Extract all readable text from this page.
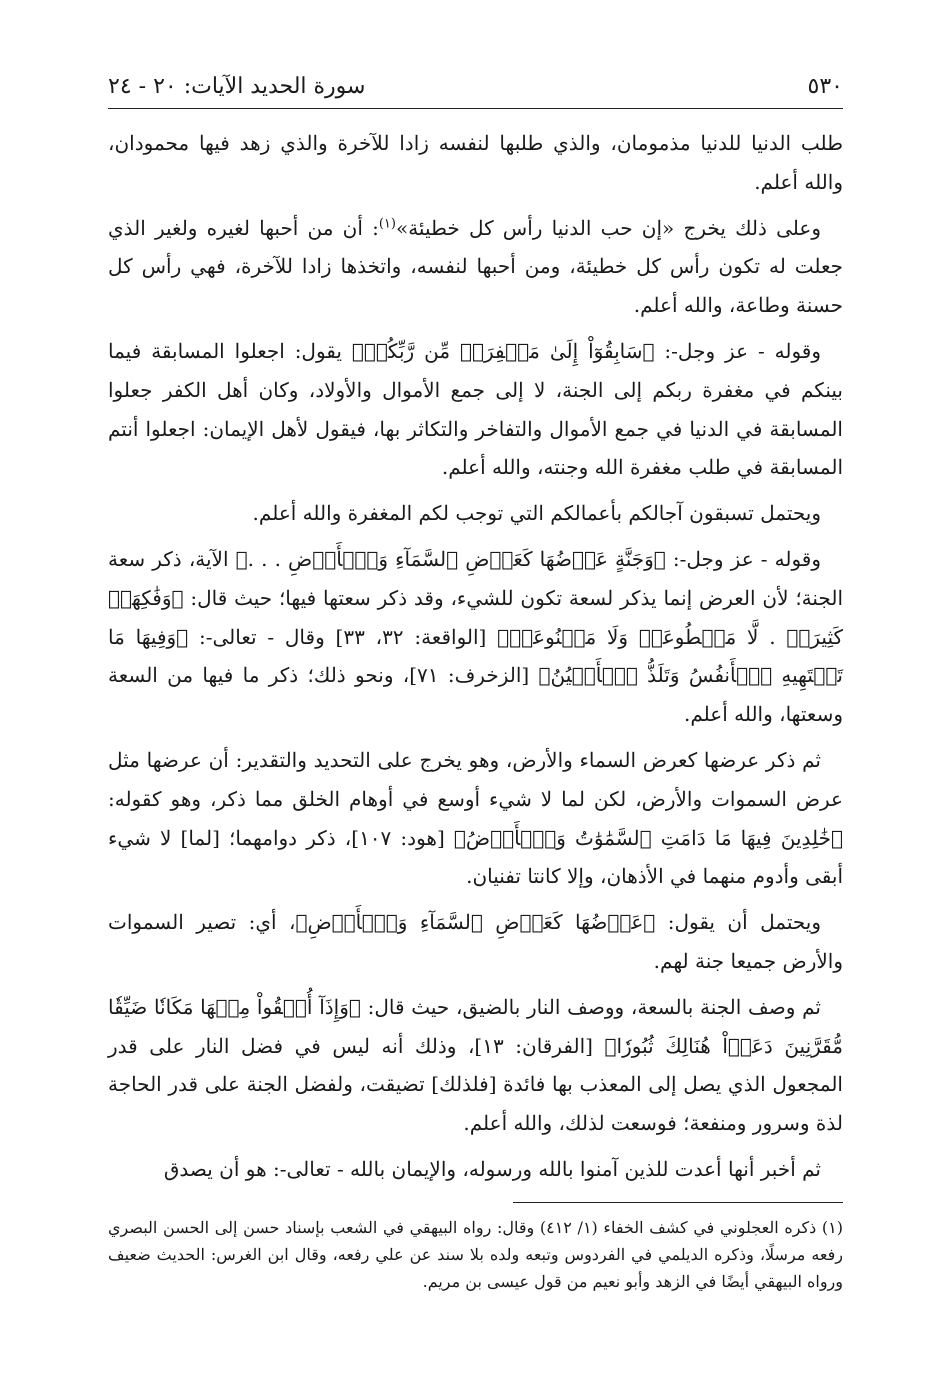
٥٣٠
سورة الحديد الآيات: ٢٠ - ٢٤

طلب الدنيا للدنيا مذمومان، والذي طلبها لنفسه زادا للآخرة والذي زهد فيها محمودان، والله أعلم.

وعلى ذلك يخرج «إن حب الدنيا رأس كل خطيئة»$^{(١)}$: أن من أحبها لغيره ولغير الذي جعلت له تكون رأس كل خطيئة، ومن أحبها لنفسه، واتخذها زادا للآخرة، فهي رأس كل حسنة وطاعة، والله أعلم.

وقوله - عز وجل-: ﴿سَابِقُوٓاْ إِلَىٰ مَغۡفِرَةٖ مِّن رَّبِّكُمۡ﴾ يقول: اجعلوا المسابقة فيما بينكم في مغفرة ربكم إلى الجنة، لا إلى جمع الأموال والأولاد، وكان أهل الكفر جعلوا المسابقة في الدنيا في جمع الأموال والتفاخر والتكاثر بها، فيقول لأهل الإيمان: اجعلوا أنتم المسابقة في طلب مغفرة الله وجنته، والله أعلم.

ويحتمل تسبقون آجالكم بأعمالكم التي توجب لكم المغفرة والله أعلم.

وقوله - عز وجل-: ﴿وَجَنَّةٍ عَرۡضُهَا كَعَرۡضِ ٱلسَّمَآءِ وَٱلۡأَرۡضِ . . .﴾ الآية، ذكر سعة الجنة؛ لأن العرض إنما يذكر لسعة تكون للشيء، وقد ذكر سعتها فيها؛ حيث قال: ﴿وَفَٰكِهَةٖ كَثِيرَةٖ . لَّا مَقۡطُوعَةٖ وَلَا مَمۡنُوعَةٖ﴾ [الواقعة: ٣٢، ٣٣] وقال - تعالى-: ﴿وَفِيهَا مَا تَشۡتَهِيهِ ٱلۡأَنفُسُ وَتَلَذُّ ٱلۡأَعۡيُنُ﴾ [الزخرف: ٧١]، ونحو ذلك؛ ذكر ما فيها من السعة وسعتها، والله أعلم.

ثم ذكر عرضها كعرض السماء والأرض، وهو يخرج على التحديد والتقدير: أن عرضها مثل عرض السموات والأرض، لكن لما لا شيء أوسع في أوهام الخلق مما ذكر، وهو كقوله: ﴿خَٰلِدِينَ فِيهَا مَا دَامَتِ ٱلسَّمَٰوَٰتُ وَٱلۡأَرۡضُ﴾ [هود: ١٠٧]، ذكر دوامهما؛ [لما] لا شيء أبقى وأدوم منهما في الأذهان، وإلا كانتا تفنيان.

ويحتمل أن يقول: ﴿عَرۡضُهَا كَعَرۡضِ ٱلسَّمَآءِ وَٱلۡأَرۡضِ﴾، أي: تصير السموات والأرض جميعا جنة لهم.

ثم وصف الجنة بالسعة، ووصف النار بالضيق، حيث قال: ﴿وَإِذَآ أُلۡقُواْ مِنۡهَا مَكَانٗا ضَيِّقٗا مُّقَرَّنِينَ دَعَوۡاْ هُنَالِكَ ثُبُورٗا﴾ [الفرقان: ١٣]، وذلك أنه ليس في فضل النار على قدر المجعول الذي يصل إلى المعذب بها فائدة [فلذلك] تضيقت، ولفضل الجنة على قدر الحاجة لذة وسرور ومنفعة؛ فوسعت لذلك، والله أعلم.

ثم أخبر أنها أعدت للذين آمنوا بالله ورسوله، والإيمان بالله - تعالى-: هو أن يصدق

(١) ذكره العجلوني في كشف الخفاء (١/ ٤١٢) وقال: رواه البيهقي في الشعب بإسناد حسن إلى الحسن البصري رفعه مرسلًا، وذكره الديلمي في الفردوس وتبعه ولده بلا سند عن علي رفعه، وقال ابن الغرس: الحديث ضعيف ورواه البيهقي أيضًا في الزهد وأبو نعيم من قول عيسى بن مريم.
